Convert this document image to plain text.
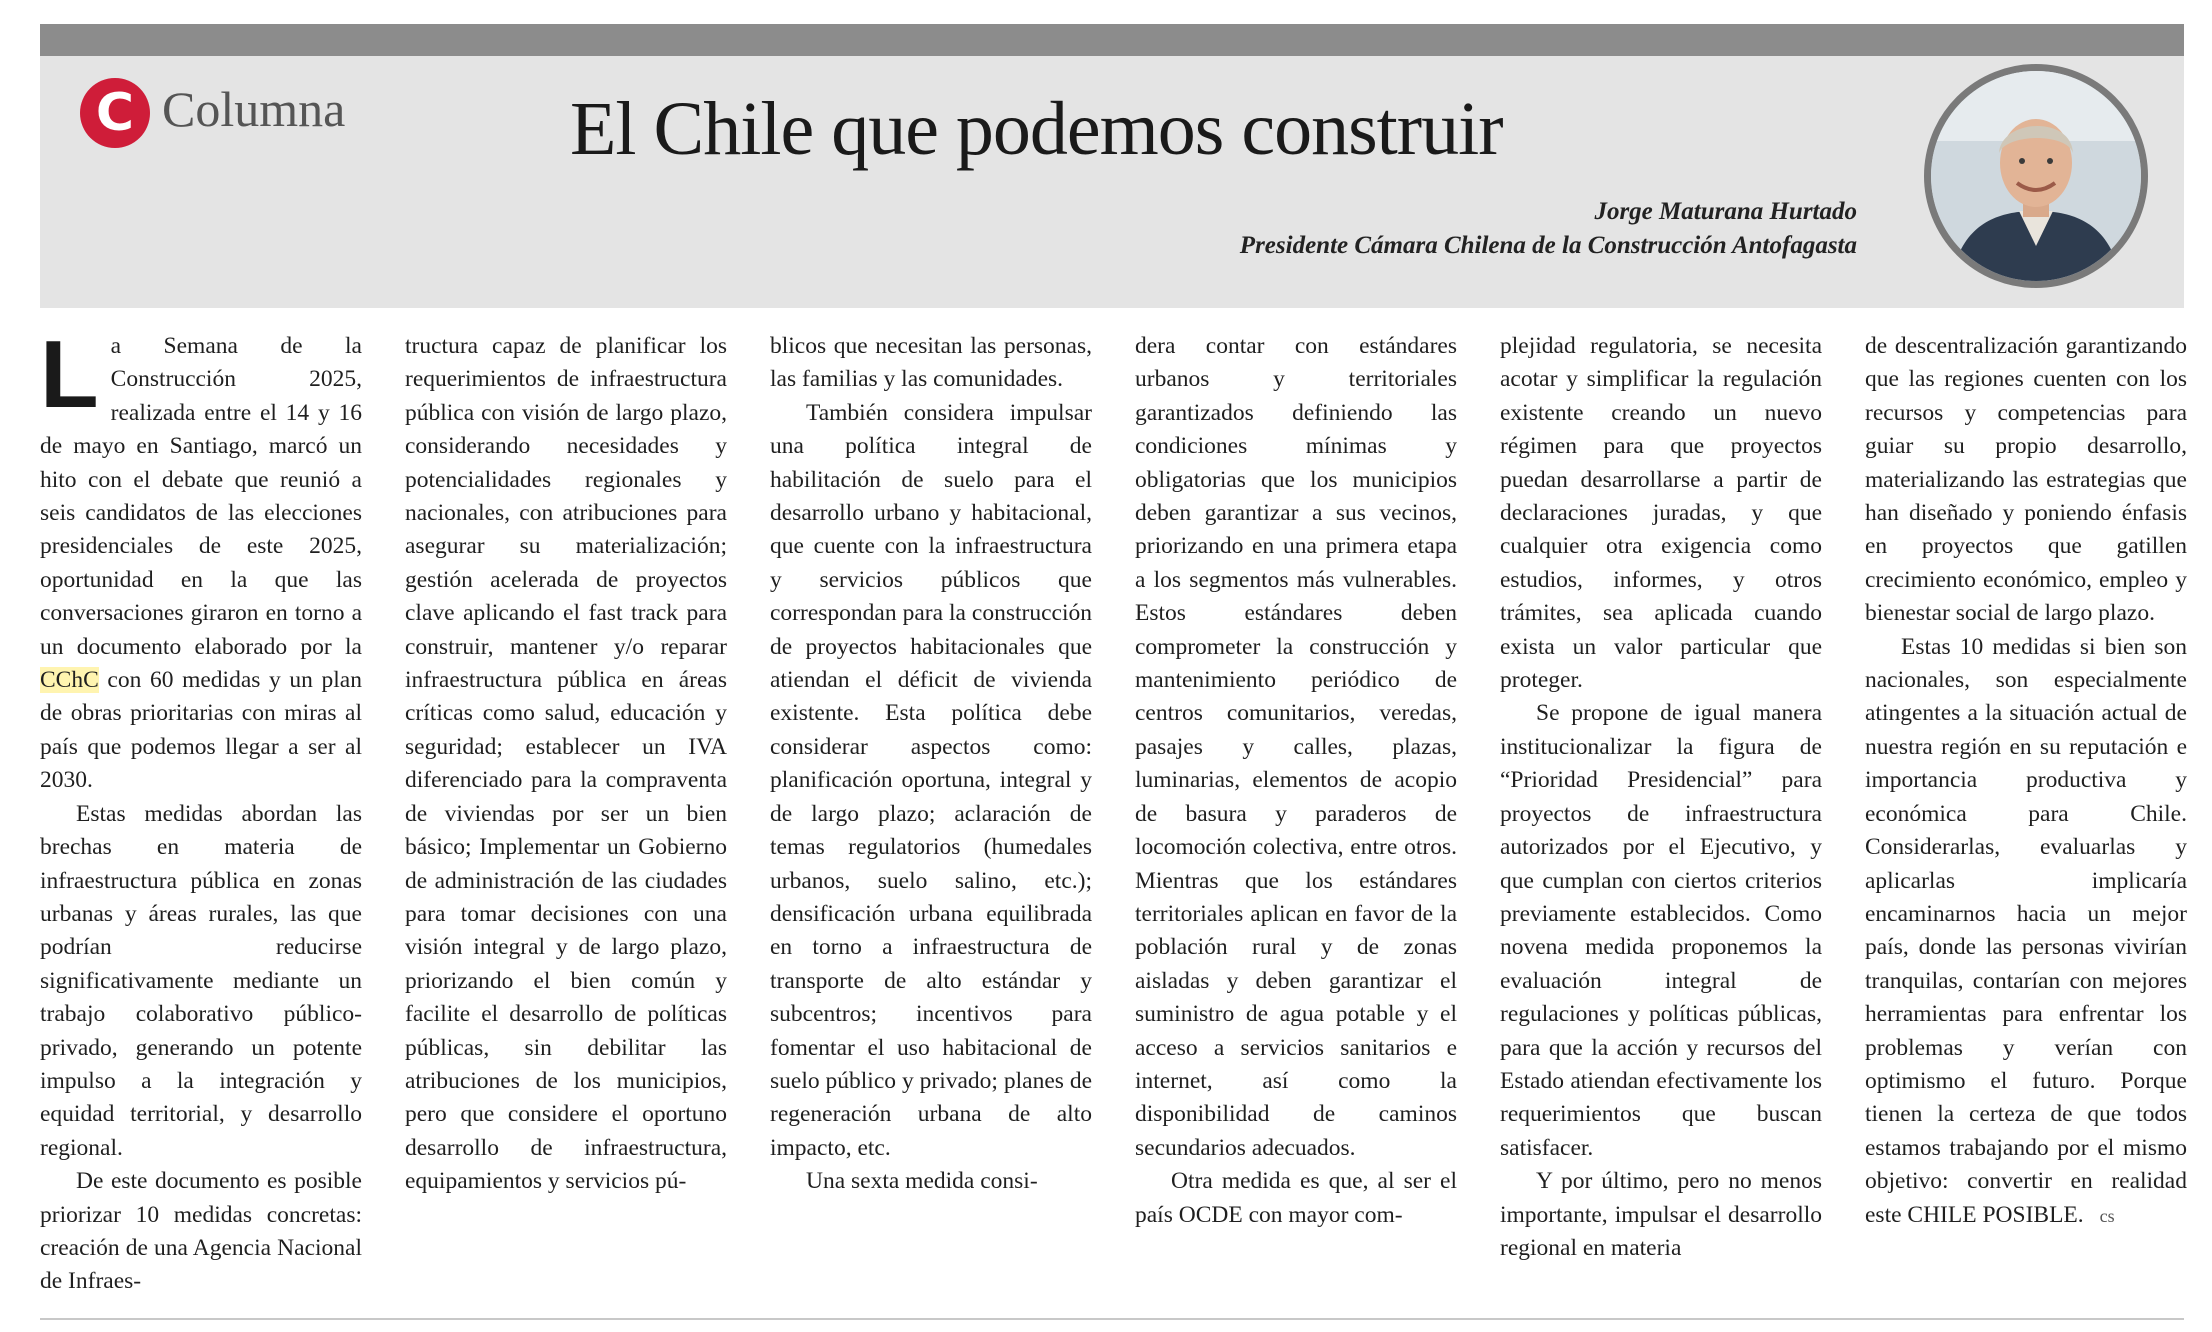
C Columna	El Chile que podemos construir
Jorge Maturana Hurtado
Presidente Cámara Chilena de la Construcción Antofagasta

La Semana de la Construcción 2025, realizada entre el 14 y 16 de mayo en Santiago, marcó un hito con el debate que reunió a seis candidatos de las elecciones presidenciales de este 2025, oportunidad en la que las conversaciones giraron en torno a un documento elaborado por la CChC con 60 medidas y un plan de obras prioritarias con miras al país que podemos llegar a ser al 2030.

Estas medidas abordan las brechas en materia de infraestructura pública en zonas urbanas y áreas rurales, las que podrían reducirse significativamente mediante un trabajo colaborativo público-privado, generando un potente impulso a la integración y equidad territorial, y desarrollo regional.

De este documento es posible priorizar 10 medidas concretas: creación de una Agencia Nacional de Infraes-

tructura capaz de planificar los requerimientos de infraestructura pública con visión de largo plazo, considerando necesidades y potencialidades regionales y nacionales, con atribuciones para asegurar su materialización; gestión acelerada de proyectos clave aplicando el fast track para construir, mantener y/o reparar infraestructura pública en áreas críticas como salud, educación y seguridad; establecer un IVA diferenciado para la compraventa de viviendas por ser un bien básico; Implementar un Gobierno de administración de las ciudades para tomar decisiones con una visión integral y de largo plazo, priorizando el bien común y facilite el desarrollo de políticas públicas, sin debilitar las atribuciones de los municipios, pero que considere el oportuno desarrollo de infraestructura, equipamientos y servicios pú-

blicos que necesitan las personas, las familias y las comunidades.

También considera impulsar una política integral de habilitación de suelo para el desarrollo urbano y habitacional, que cuente con la infraestructura y servicios públicos que correspondan para la construcción de proyectos habitacionales que atiendan el déficit de vivienda existente. Esta política debe considerar aspectos como: planificación oportuna, integral y de largo plazo; aclaración de temas regulatorios (humedales urbanos, suelo salino, etc.); densificación urbana equilibrada en torno a infraestructura de transporte de alto estándar y subcentros; incentivos para fomentar el uso habitacional de suelo público y privado; planes de regeneración urbana de alto impacto, etc.

Una sexta medida consi-

dera contar con estándares urbanos y territoriales garantizados definiendo las condiciones mínimas y obligatorias que los municipios deben garantizar a sus vecinos, priorizando en una primera etapa a los segmentos más vulnerables. Estos estándares deben comprometer la construcción y mantenimiento periódico de centros comunitarios, veredas, pasajes y calles, plazas, luminarias, elementos de acopio de basura y paraderos de locomoción colectiva, entre otros. Mientras que los estándares territoriales aplican en favor de la población rural y de zonas aisladas y deben garantizar el suministro de agua potable y el acceso a servicios sanitarios e internet, así como la disponibilidad de caminos secundarios adecuados.

Otra medida es que, al ser el país OCDE con mayor com-

plejidad regulatoria, se necesita acotar y simplificar la regulación existente creando un nuevo régimen para que proyectos puedan desarrollarse a partir de declaraciones juradas, y que cualquier otra exigencia como estudios, informes, y otros trámites, sea aplicada cuando exista un valor particular que proteger.

Se propone de igual manera institucionalizar la figura de “Prioridad Presidencial” para proyectos de infraestructura autorizados por el Ejecutivo, y que cumplan con ciertos criterios previamente establecidos. Como novena medida proponemos la evaluación integral de regulaciones y políticas públicas, para que la acción y recursos del Estado atiendan efectivamente los requerimientos que buscan satisfacer.

Y por último, pero no menos importante, impulsar el desarrollo regional en materia

de descentralización garantizando que las regiones cuenten con los recursos y competencias para guiar su propio desarrollo, materializando las estrategias que han diseñado y poniendo énfasis en proyectos que gatillen crecimiento económico, empleo y bienestar social de largo plazo.

Estas 10 medidas si bien son nacionales, son especialmente atingentes a la situación actual de nuestra región en su reputación e importancia productiva y económica para Chile. Considerarlas, evaluarlas y aplicarlas implicaría encaminarnos hacia un mejor país, donde las personas vivirían tranquilas, contarían con mejores herramientas para enfrentar los problemas y verían con optimismo el futuro. Porque tienen la certeza de que todos estamos trabajando por el mismo objetivo: convertir en realidad este CHILE POSIBLE. cs
